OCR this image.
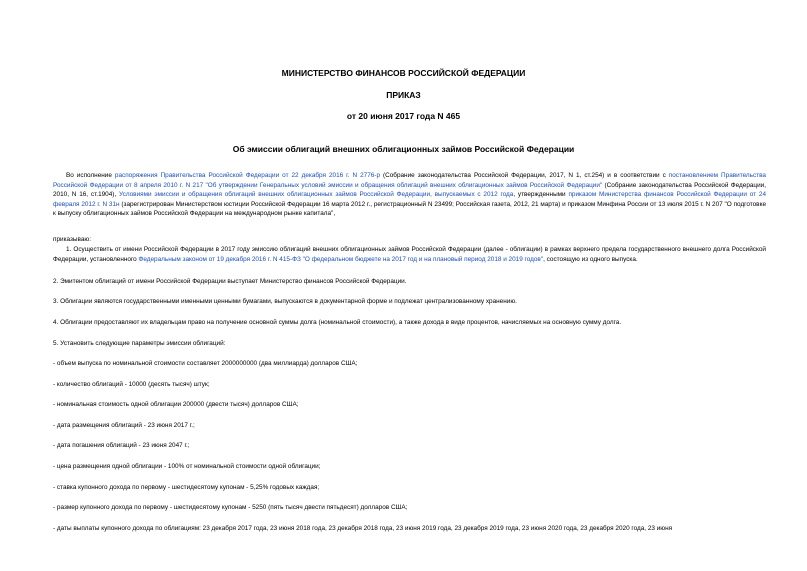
МИНИСТЕРСТВО ФИНАНСОВ РОССИЙСКОЙ ФЕДЕРАЦИИ
ПРИКАЗ
от 20 июня 2017 года N 465
Об эмиссии облигаций внешних облигационных займов Российской Федерации
Во исполнение распоряжения Правительства Российской Федерации от 22 декабря 2016 г. N 2776-р (Собрание законодательства Российской Федерации, 2017, N 1, ст.254) и в соответствии с постановлением Правительства Российской Федерации от 8 апреля 2010 г. N 217 "Об утверждении Генеральных условий эмиссии и обращения облигаций внешних облигационных займов Российской Федерации" (Собрание законодательства Российской Федерации, 2010, N 16, ст.1904), Условиями эмиссии и обращения облигаций внешних облигационных займов Российской Федерации, выпускаемых с 2012 года, утвержденными приказом Министерства финансов Российской Федерации от 24 февраля 2012 г. N 31н (зарегистрирован Министерством юстиции Российской Федерации 16 марта 2012 г., регистрационный N 23499; Российская газета, 2012, 21 марта) и приказом Минфина России от 13 июля 2015 г. N 207 "О подготовке к выпуску облигационных займов Российской Федерации на международном рынке капитала",
приказываю:
1. Осуществить от имени Российской Федерации в 2017 году эмиссию облигаций внешних облигационных займов Российской Федерации (далее - облигации) в рамках верхнего предела государственного внешнего долга Российской Федерации, установленного Федеральным законом от 19 декабря 2016 г. N 415-ФЗ "О федеральном бюджете на 2017 год и на плановый период 2018 и 2019 годов", состоящую из одного выпуска.
2. Эмитентом облигаций от имени Российской Федерации выступает Министерство финансов Российской Федерации.
3. Облигации являются государственными именными ценными бумагами, выпускаются в документарной форме и подлежат централизованному хранению.
4. Облигации предоставляют их владельцам право на получение основной суммы долга (номинальной стоимости), а также дохода в виде процентов, начисляемых на основную сумму долга.
5. Установить следующие параметры эмиссии облигаций:
- объем выпуска по номинальной стоимости составляет 2000000000 (два миллиарда) долларов США;
- количество облигаций - 10000 (десять тысяч) штук;
- номинальная стоимость одной облигации 200000 (двести тысяч) долларов США;
- дата размещения облигаций - 23 июня 2017 г.;
- дата погашения облигаций - 23 июня 2047 г.;
- цена размещения одной облигации - 100% от номинальной стоимости одной облигации;
- ставка купонного дохода по первому - шестидесятому купонам - 5,25% годовых каждая;
- размер купонного дохода по первому - шестидесятому купонам - 5250 (пять тысяч двести пятьдесят) долларов США;
- даты выплаты купонного дохода по облигациям: 23 декабря 2017 года, 23 июня 2018 года, 23 декабря 2018 года, 23 июня 2019 года, 23 декабря 2019 года, 23 июня 2020 года, 23 декабря 2020 года, 23 июня
